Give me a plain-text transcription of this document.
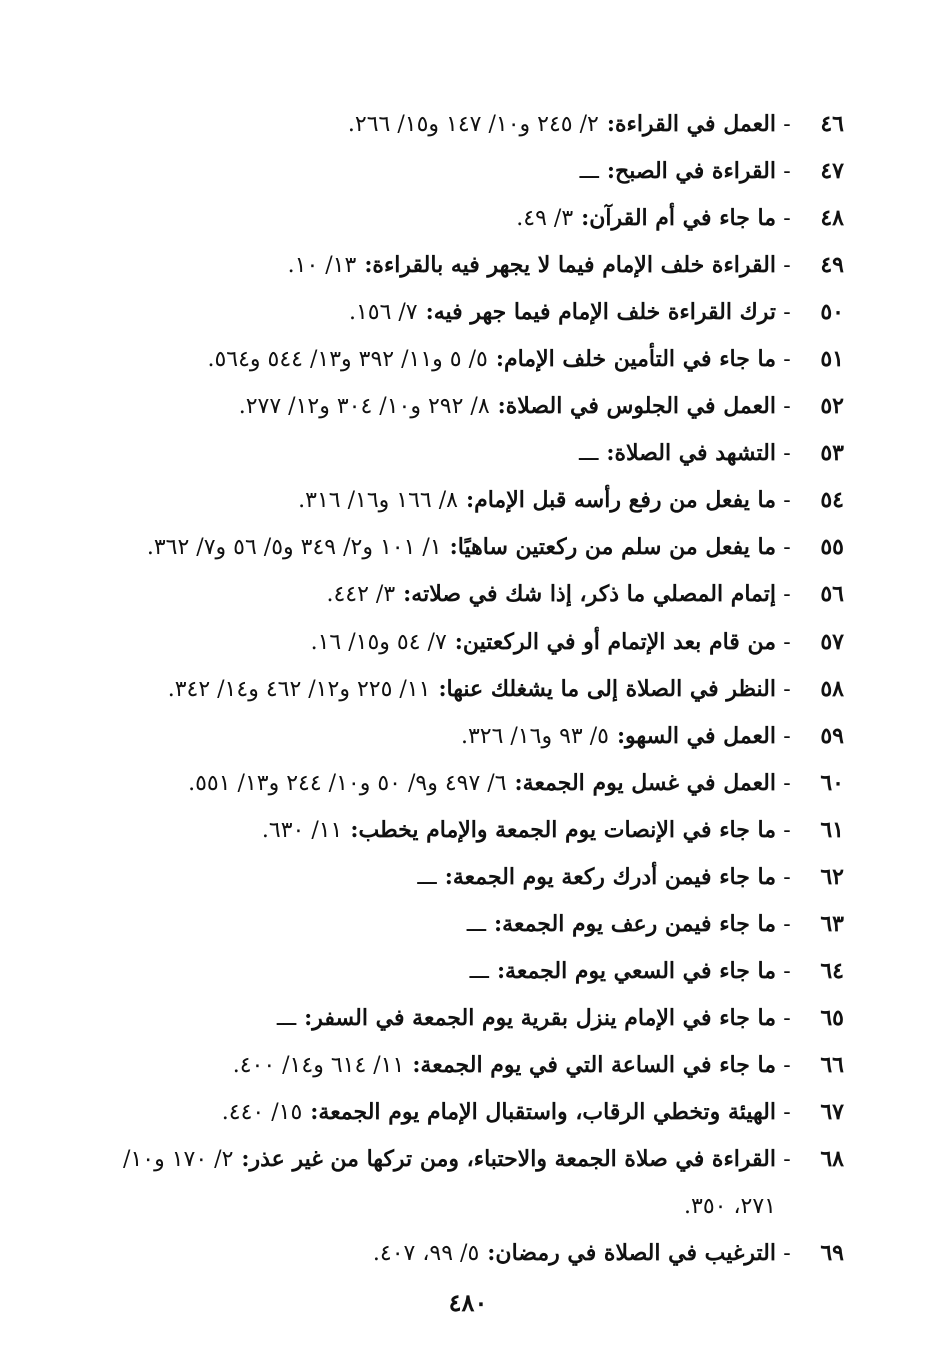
٤٦
-
العمل في القراءة:٢/ ٢٤٥ و١٠/ ١٤٧ و١٥/ ٢٦٦.
٤٧
-
القراءة في الصبح:ـــ
٤٨
-
ما جاء في أم القرآن:٣/ ٤٩.
٤٩
-
القراءة خلف الإمام فيما لا يجهر فيه بالقراءة:١٣/ ١٠.
٥٠
-
ترك القراءة خلف الإمام فيما جهر فيه:٧/ ١٥٦.
٥١
-
ما جاء في التأمين خلف الإمام:٥/ ٥ و١١/ ٣٩٢ و١٣/ ٥٤٤ و٥٦٤.
٥٢
-
العمل في الجلوس في الصلاة:٨/ ٢٩٢ و١٠/ ٣٠٤ و١٢/ ٢٧٧.
٥٣
-
التشهد في الصلاة:ـــ
٥٤
-
ما يفعل من رفع رأسه قبل الإمام:٨/ ١٦٦ و١٦/ ٣١٦.
٥٥
-
ما يفعل من سلم من ركعتين ساهيًا:١/ ١٠١ و٢/ ٣٤٩ و٥/ ٥٦ و٧/ ٣٦٢.
٥٦
-
إتمام المصلي ما ذكر، إذا شك في صلاته:٣/ ٤٤٢.
٥٧
-
من قام بعد الإتمام أو في الركعتين:٧/ ٥٤ و١٥/ ١٦.
٥٨
-
النظر في الصلاة إلى ما يشغلك عنها:١١/ ٢٢٥ و١٢/ ٤٦٢ و١٤/ ٣٤٢.
٥٩
-
العمل في السهو:٥/ ٩٣ و١٦/ ٣٢٦.
٦٠
-
العمل في غسل يوم الجمعة:٦/ ٤٩٧ و٩/ ٥٠ و١٠/ ٢٤٤ و١٣/ ٥٥١.
٦١
-
ما جاء في الإنصات يوم الجمعة والإمام يخطب:١١/ ٦٣٠.
٦٢
-
ما جاء فيمن أدرك ركعة يوم الجمعة:ـــ
٦٣
-
ما جاء فيمن رعف يوم الجمعة:ـــ
٦٤
-
ما جاء في السعي يوم الجمعة:ـــ
٦٥
-
ما جاء في الإمام ينزل بقرية يوم الجمعة في السفر:ـــ
٦٦
-
ما جاء في الساعة التي في يوم الجمعة:١١/ ٦١٤ و١٤/ ٤٠٠.
٦٧
-
الهيئة وتخطي الرقاب، واستقبال الإمام يوم الجمعة:١٥/ ٤٤٠.
٦٨
-
القراءة في صلاة الجمعة والاحتباء، ومن تركها من غير عذر:٢/ ١٧٠ و١٠/ ٢٧١، ٣٥٠.
٦٩
-
الترغيب في الصلاة في رمضان:٥/ ٩٩، ٤٠٧.
٤٨٠
